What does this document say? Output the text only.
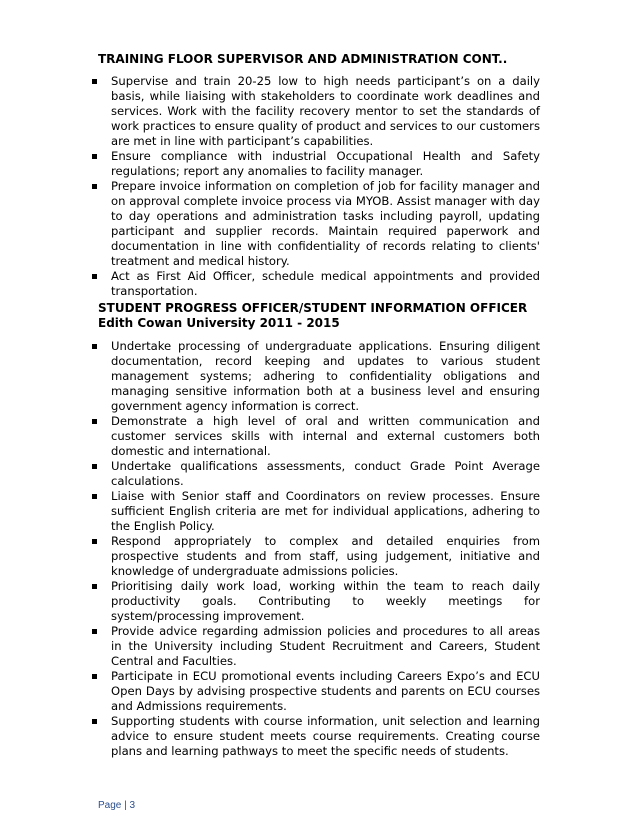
TRAINING FLOOR SUPERVISOR AND ADMINISTRATION CONT..
Supervise and train 20-25 low to high needs participant’s on a daily basis, while liaising with stakeholders to coordinate work deadlines and services. Work with the facility recovery mentor to set the standards of work practices to ensure quality of product and services to our customers are met in line with participant’s capabilities.
Ensure compliance with industrial Occupational Health and Safety regulations; report any anomalies to facility manager.
Prepare invoice information on completion of job for facility manager and on approval complete invoice process via MYOB. Assist manager with day to day operations and administration tasks including payroll, updating participant and supplier records. Maintain required paperwork and documentation in line with confidentiality of records relating to clients' treatment and medical history.
Act as First Aid Officer, schedule medical appointments and provided transportation.
STUDENT PROGRESS OFFICER/STUDENT INFORMATION OFFICER
Edith Cowan University 2011 - 2015
Undertake processing of undergraduate applications. Ensuring diligent documentation, record keeping and updates to various student management systems; adhering to confidentiality obligations and managing sensitive information both at a business level and ensuring government agency information is correct.
Demonstrate a high level of oral and written communication and customer services skills with internal and external customers both domestic and international.
Undertake qualifications assessments, conduct Grade Point Average calculations.
Liaise with Senior staff and Coordinators on review processes. Ensure sufficient English criteria are met for individual applications, adhering to the English Policy.
Respond appropriately to complex and detailed enquiries from prospective students and from staff, using judgement, initiative and knowledge of undergraduate admissions policies.
Prioritising daily work load, working within the team to reach daily productivity goals. Contributing to weekly meetings for system/processing improvement.
Provide advice regarding admission policies and procedures to all areas in the University including Student Recruitment and Careers, Student Central and Faculties.
Participate in ECU promotional events including Careers Expo’s and ECU Open Days by advising prospective students and parents on ECU courses and Admissions requirements.
Supporting students with course information, unit selection and learning advice to ensure student meets course requirements. Creating course plans and learning pathways to meet the specific needs of students.
Page | 3
